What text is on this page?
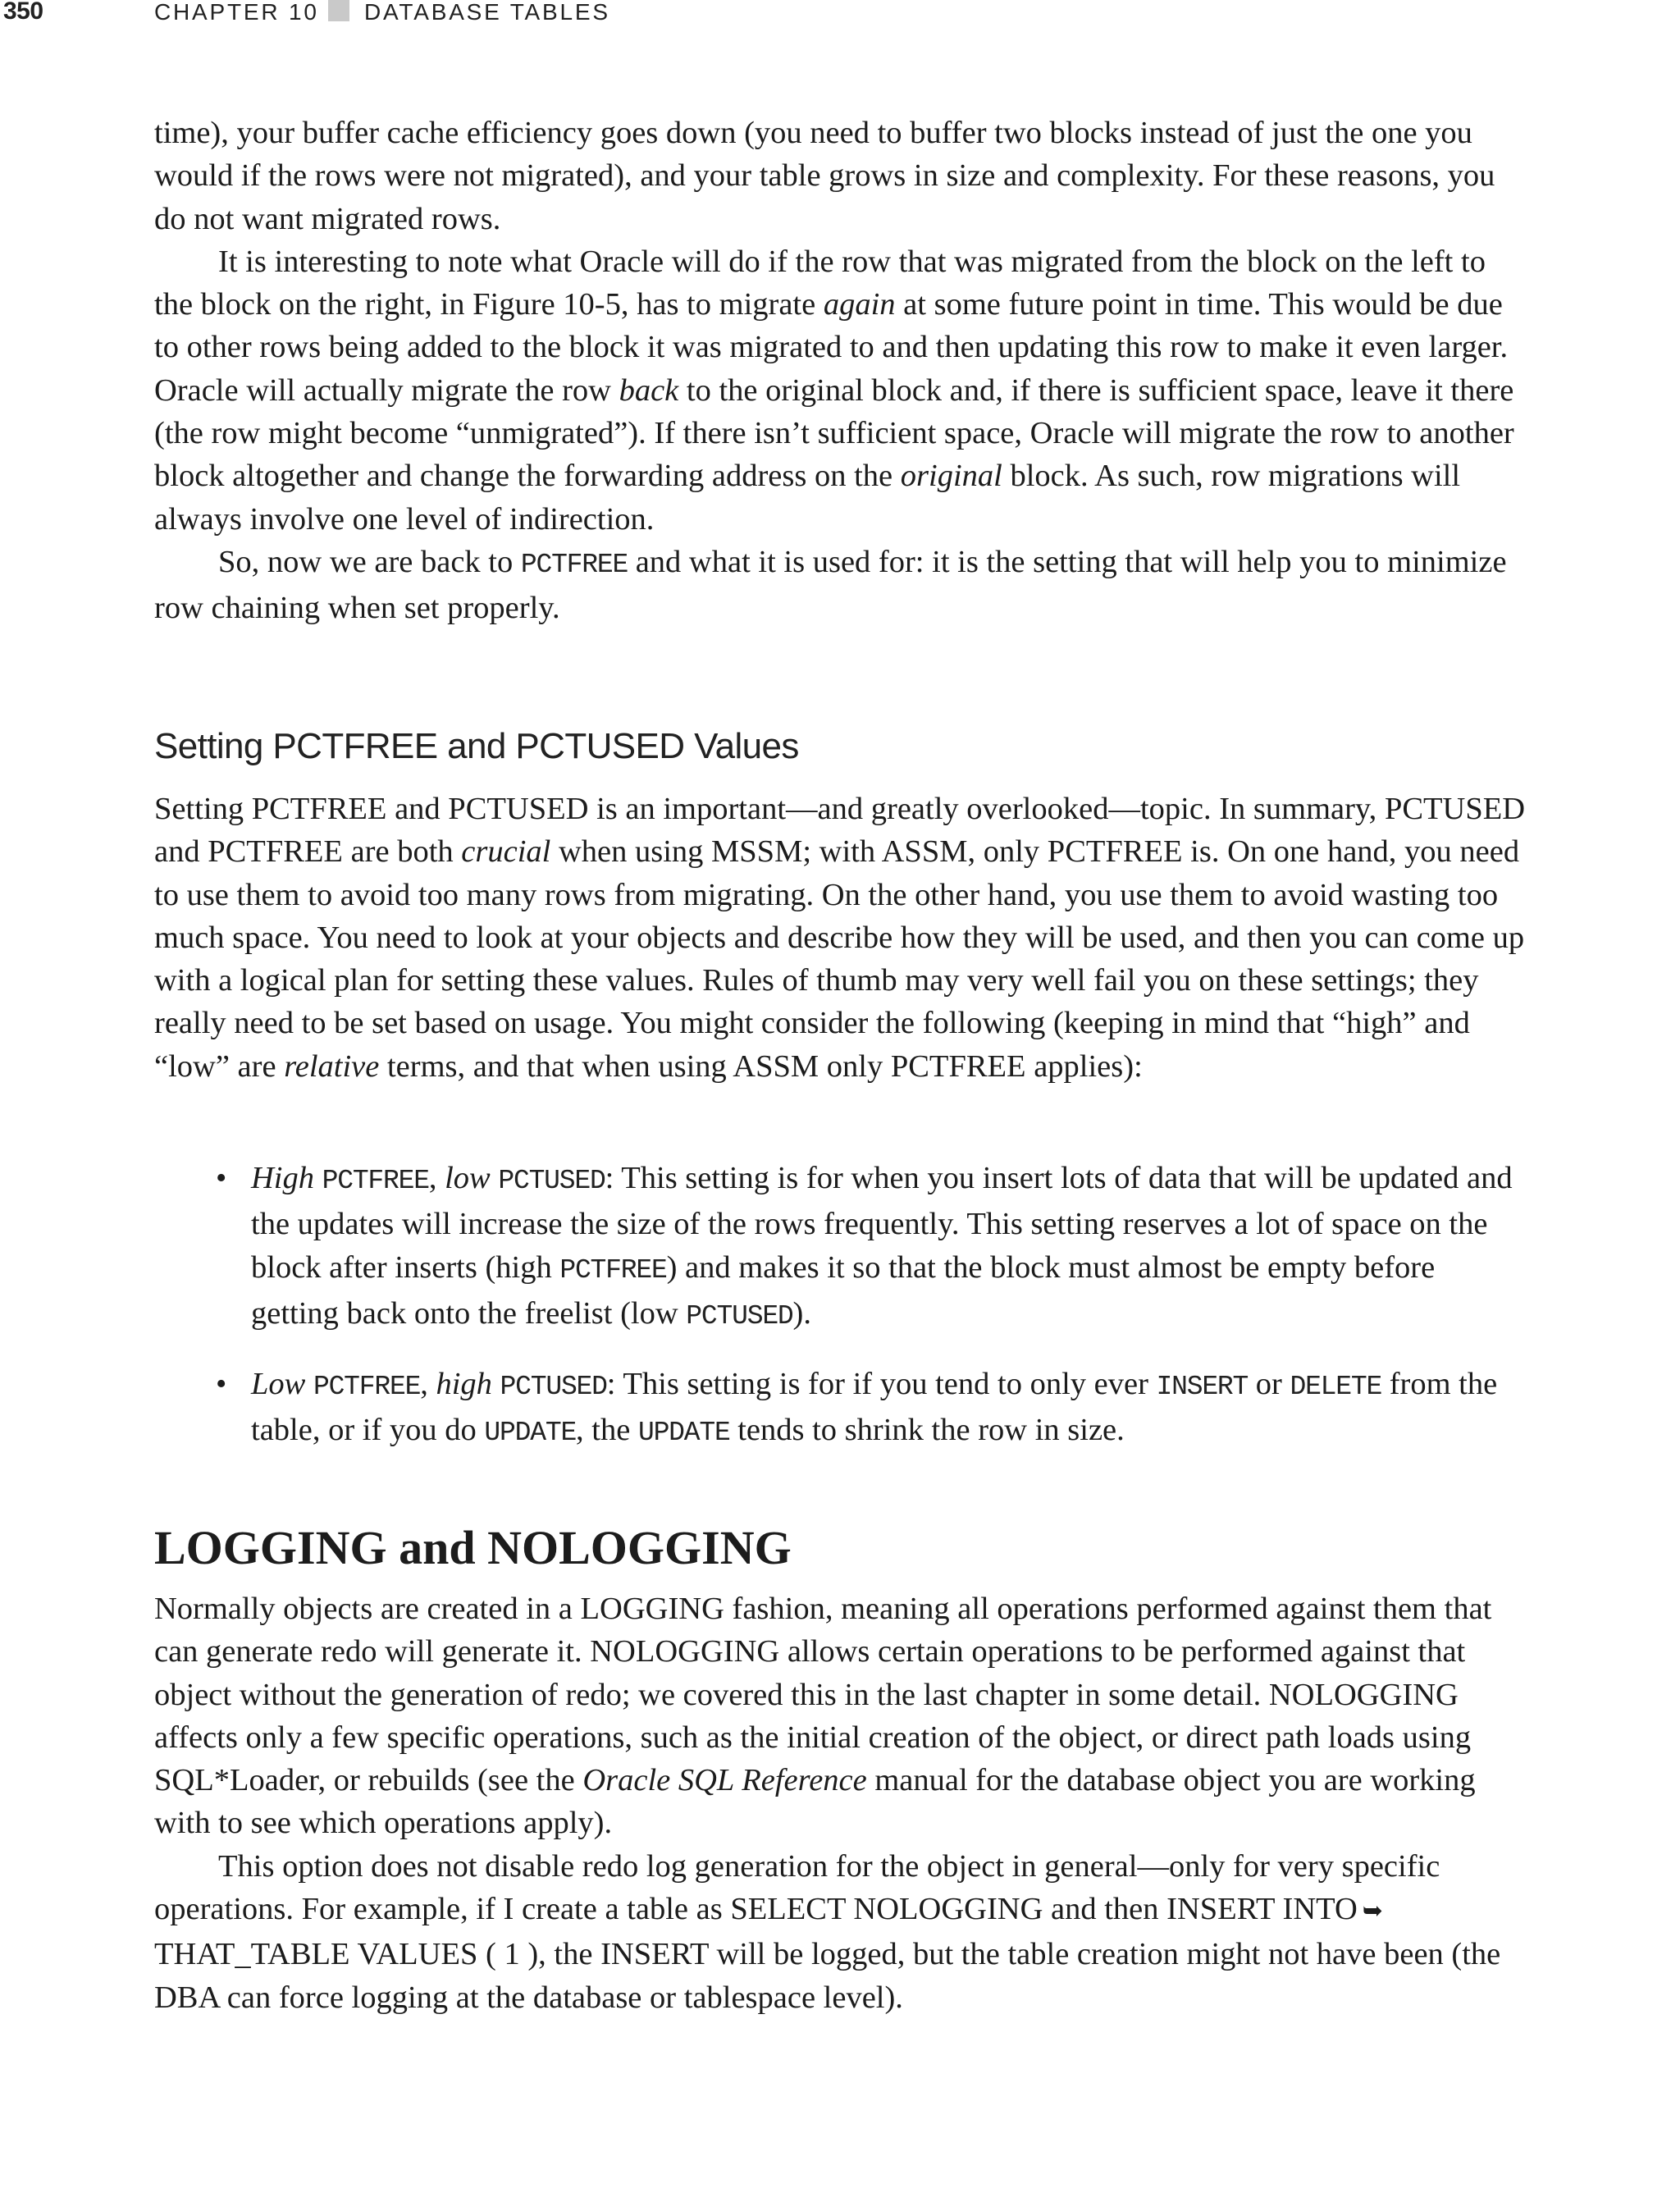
350	CHAPTER 10 DATABASE TABLES

time), your buffer cache efficiency goes down (you need to buffer two blocks instead of just the one you would if the rows were not migrated), and your table grows in size and complexity. For these reasons, you do not want migrated rows.

It is interesting to note what Oracle will do if the row that was migrated from the block on the left to the block on the right, in Figure 10-5, has to migrate again at some future point in time. This would be due to other rows being added to the block it was migrated to and then updating this row to make it even larger. Oracle will actually migrate the row back to the original block and, if there is sufficient space, leave it there (the row might become “unmigrated”). If there isn’t sufficient space, Oracle will migrate the row to another block altogether and change the forwarding address on the original block. As such, row migrations will always involve one level of indirection.

So, now we are back to PCTFREE and what it is used for: it is the setting that will help you to minimize row chaining when set properly.

Setting PCTFREE and PCTUSED Values

Setting PCTFREE and PCTUSED is an important—and greatly overlooked—topic. In summary, PCTUSED and PCTFREE are both crucial when using MSSM; with ASSM, only PCTFREE is. On one hand, you need to use them to avoid too many rows from migrating. On the other hand, you use them to avoid wasting too much space. You need to look at your objects and describe how they will be used, and then you can come up with a logical plan for setting these values. Rules of thumb may very well fail you on these settings; they really need to be set based on usage. You might consider the following (keeping in mind that “high” and “low” are relative terms, and that when using ASSM only PCTFREE applies):

• High PCTFREE, low PCTUSED: This setting is for when you insert lots of data that will be updated and the updates will increase the size of the rows frequently. This setting reserves a lot of space on the block after inserts (high PCTFREE) and makes it so that the block must almost be empty before getting back onto the freelist (low PCTUSED).
• Low PCTFREE, high PCTUSED: This setting is for if you tend to only ever INSERT or DELETE from the table, or if you do UPDATE, the UPDATE tends to shrink the row in size.
LOGGING and NOLOGGING

Normally objects are created in a LOGGING fashion, meaning all operations performed against them that can generate redo will generate it. NOLOGGING allows certain operations to be performed against that object without the generation of redo; we covered this in the last chapter in some detail. NOLOGGING affects only a few specific operations, such as the initial creation of the object, or direct path loads using SQL*Loader, or rebuilds (see the Oracle SQL Reference manual for the database object you are working with to see which operations apply).

This option does not disable redo log generation for the object in general—only for very specific operations. For example, if I create a table as SELECT NOLOGGING and then INSERT INTO ➥ THAT_TABLE VALUES ( 1 ), the INSERT will be logged, but the table creation might not have been (the DBA can force logging at the database or tablespace level).
